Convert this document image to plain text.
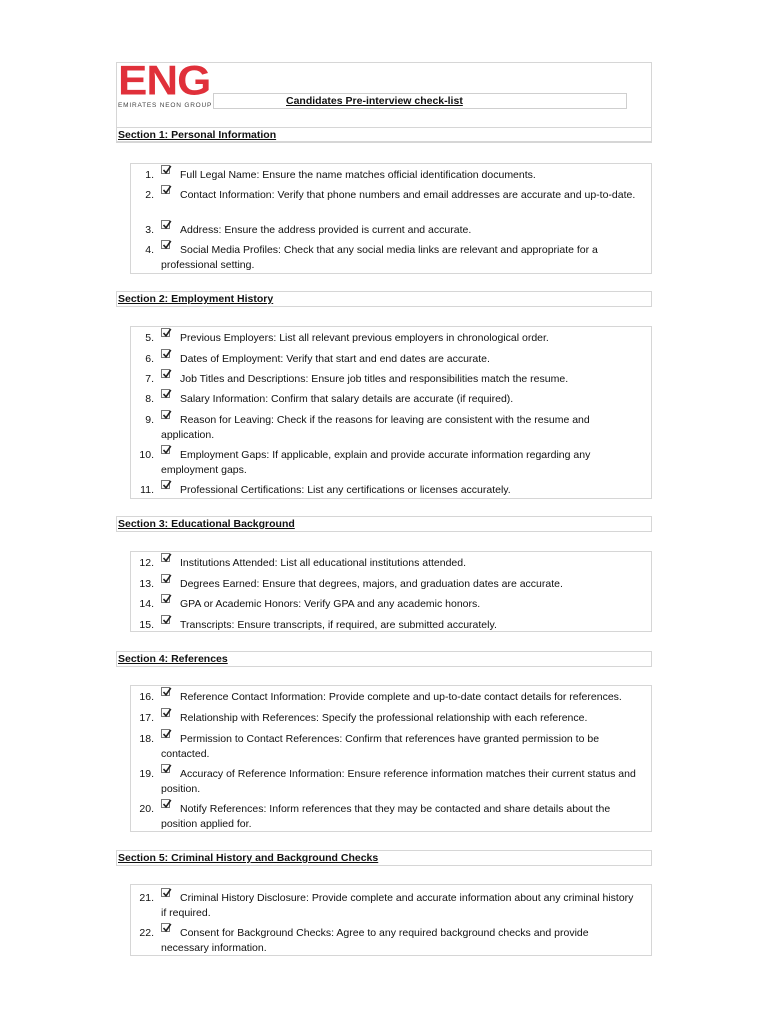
ENG
EMIRATES NEON GROUP	Candidates Pre-interview check-list
Section 1: Personal Information
1.	Full Legal Name: Ensure the name matches official identification documents.
2.	Contact Information: Verify that phone numbers and email addresses are accurate and up-to-date.
3.	Address: Ensure the address provided is current and accurate.
4.	Social Media Profiles: Check that any social media links are relevant and appropriate for a professional setting.
Section 2: Employment History
5.	Previous Employers: List all relevant previous employers in chronological order.
6.	Dates of Employment: Verify that start and end dates are accurate.
7.	Job Titles and Descriptions: Ensure job titles and responsibilities match the resume.
8.	Salary Information: Confirm that salary details are accurate (if required).
9.	Reason for Leaving: Check if the reasons for leaving are consistent with the resume and application.
10.	Employment Gaps: If applicable, explain and provide accurate information regarding any employment gaps.
11.	Professional Certifications: List any certifications or licenses accurately.
Section 3: Educational Background
12.	Institutions Attended: List all educational institutions attended.
13.	Degrees Earned: Ensure that degrees, majors, and graduation dates are accurate.
14.	GPA or Academic Honors: Verify GPA and any academic honors.
15.	Transcripts: Ensure transcripts, if required, are submitted accurately.
Section 4: References
16.	Reference Contact Information: Provide complete and up-to-date contact details for references.
17.	Relationship with References: Specify the professional relationship with each reference.
18.	Permission to Contact References: Confirm that references have granted permission to be contacted.
19.	Accuracy of Reference Information: Ensure reference information matches their current status and position.
20.	Notify References: Inform references that they may be contacted and share details about the position applied for.
Section 5: Criminal History and Background Checks
21.	Criminal History Disclosure: Provide complete and accurate information about any criminal history if required.
22.	Consent for Background Checks: Agree to any required background checks and provide necessary information.
